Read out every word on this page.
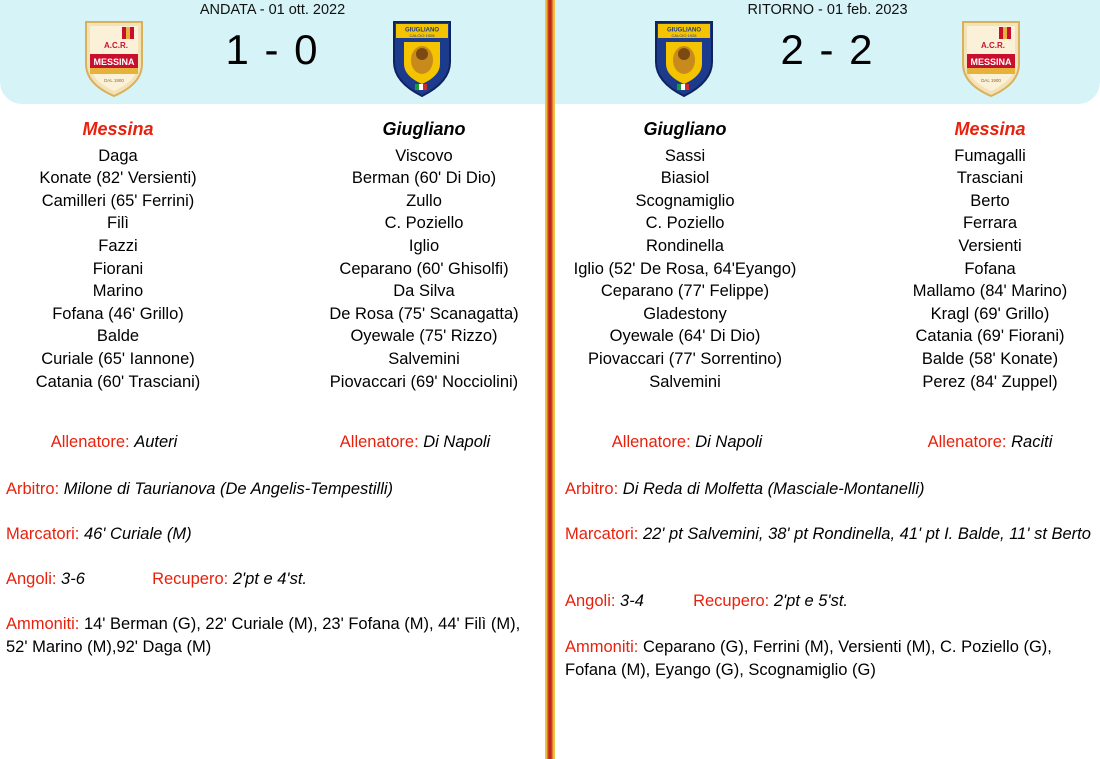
ANDATA - 01 ott. 2022
1 - 0
A.C.R.
MESSINA
DAL 1900
GIUGLIANO
CALCIO 1928
Messina
Daga
Konate (82' Versienti)
Camilleri (65' Ferrini)
Filì
Fazzi
Fiorani
Marino
Fofana (46' Grillo)
Balde
Curiale (65' Iannone)
Catania (60' Trasciani)
Giugliano
Viscovo
Berman (60' Di Dio)
Zullo
C. Poziello
Iglio
Ceparano (60' Ghisolfi)
Da Silva
De Rosa (75' Scanagatta)
Oyewale (75' Rizzo)
Salvemini
Piovaccari (69' Nocciolini)
Allenatore: Auteri	Allenatore: Di Napoli
Arbitro: Milone di Taurianova (De Angelis-Tempestilli)
Marcatori: 46' Curiale (M)
Angoli: 3-6	Recupero: 2'pt e 4'st.
Ammoniti: 14' Berman (G), 22' Curiale (M), 23' Fofana (M), 44' Filì (M), 52' Marino (M),92' Daga (M)
RITORNO - 01 feb. 2023
2 - 2
GIUGLIANO
CALCIO 1928
A.C.R.
MESSINA
DAL 1900
Giugliano
Sassi
Biasiol
Scognamiglio
C. Poziello
Rondinella
Iglio (52' De Rosa, 64'Eyango)
Ceparano (77' Felippe)
Gladestony
Oyewale (64' Di Dio)
Piovaccari (77' Sorrentino)
Salvemini
Messina
Fumagalli
Trasciani
Berto
Ferrara
Versienti
Fofana
Mallamo (84' Marino)
Kragl (69' Grillo)
Catania (69' Fiorani)
Balde (58' Konate)
Perez (84' Zuppel)
Allenatore: Di Napoli	Allenatore: Raciti
Arbitro: Di Reda di Molfetta (Masciale-Montanelli)
Marcatori: 22' pt Salvemini, 38' pt Rondinella, 41' pt I. Balde, 11' st Berto
Angoli: 3-4	Recupero: 2'pt e 5'st.
Ammoniti: Ceparano (G), Ferrini (M), Versienti (M), C. Poziello (G), Fofana (M), Eyango (G), Scognamiglio (G)
